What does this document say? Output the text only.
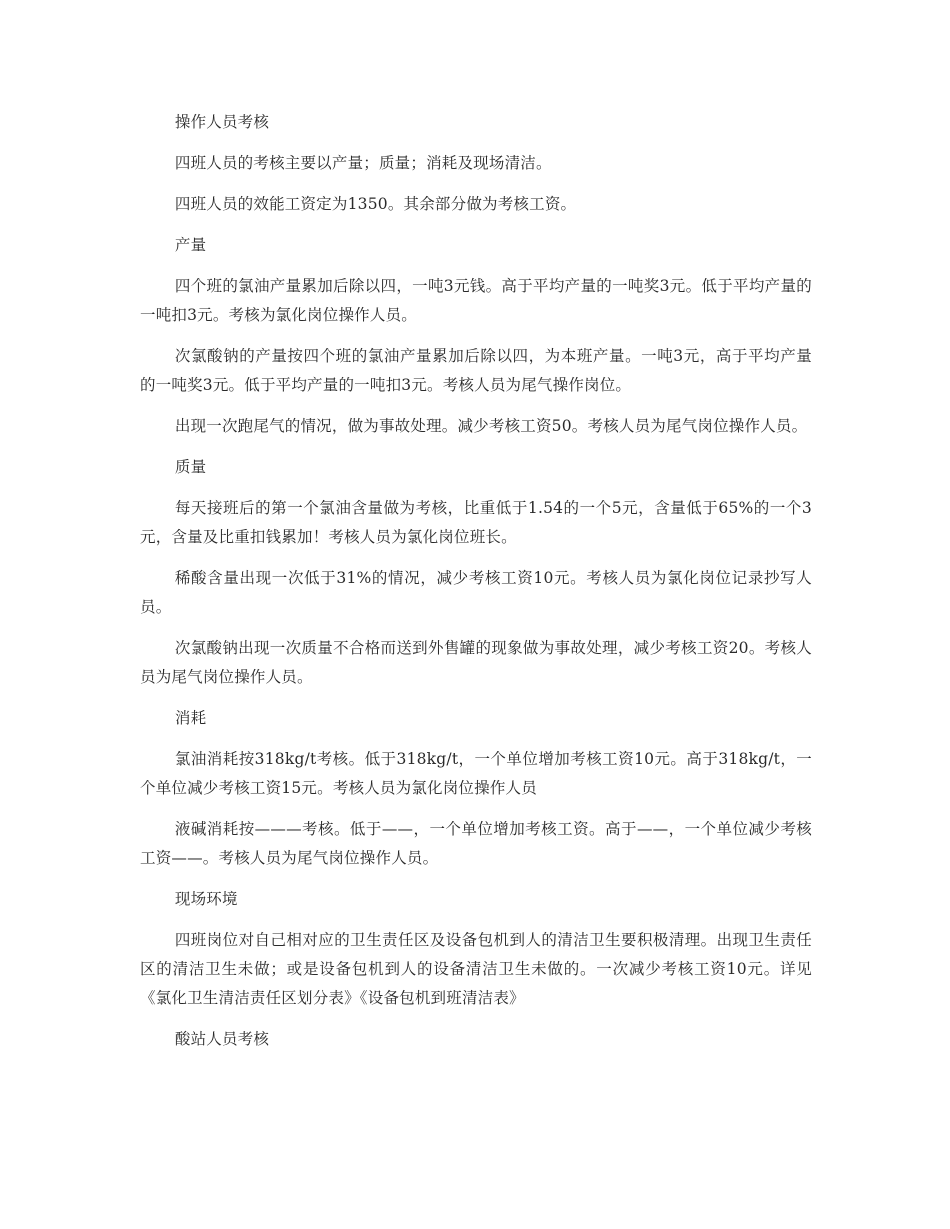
操作人员考核

四班人员的考核主要以产量；质量；消耗及现场清洁。

四班人员的效能工资定为1350。其余部分做为考核工资。

产量

四个班的氯油产量累加后除以四，一吨3元钱。高于平均产量的一吨奖3元。低于平均产量的一吨扣3元。考核为氯化岗位操作人员。

次氯酸钠的产量按四个班的氯油产量累加后除以四，为本班产量。一吨3元，高于平均产量的一吨奖3元。低于平均产量的一吨扣3元。考核人员为尾气操作岗位。

出现一次跑尾气的情况，做为事故处理。减少考核工资50。考核人员为尾气岗位操作人员。

质量

每天接班后的第一个氯油含量做为考核，比重低于1.54的一个5元，含量低于65%的一个3元，含量及比重扣钱累加！考核人员为氯化岗位班长。

稀酸含量出现一次低于31%的情况，减少考核工资10元。考核人员为氯化岗位记录抄写人员。

次氯酸钠出现一次质量不合格而送到外售罐的现象做为事故处理，减少考核工资20。考核人员为尾气岗位操作人员。

消耗

氯油消耗按318kg/t考核。低于318kg/t，一个单位增加考核工资10元。高于318kg/t，一个单位减少考核工资15元。考核人员为氯化岗位操作人员

液碱消耗按———考核。低于——，一个单位增加考核工资。高于——，一个单位减少考核工资——。考核人员为尾气岗位操作人员。

现场环境

四班岗位对自己相对应的卫生责任区及设备包机到人的清洁卫生要积极清理。出现卫生责任区的清洁卫生未做；或是设备包机到人的设备清洁卫生未做的。一次减少考核工资10元。详见《氯化卫生清洁责任区划分表》《设备包机到班清洁表》

酸站人员考核
